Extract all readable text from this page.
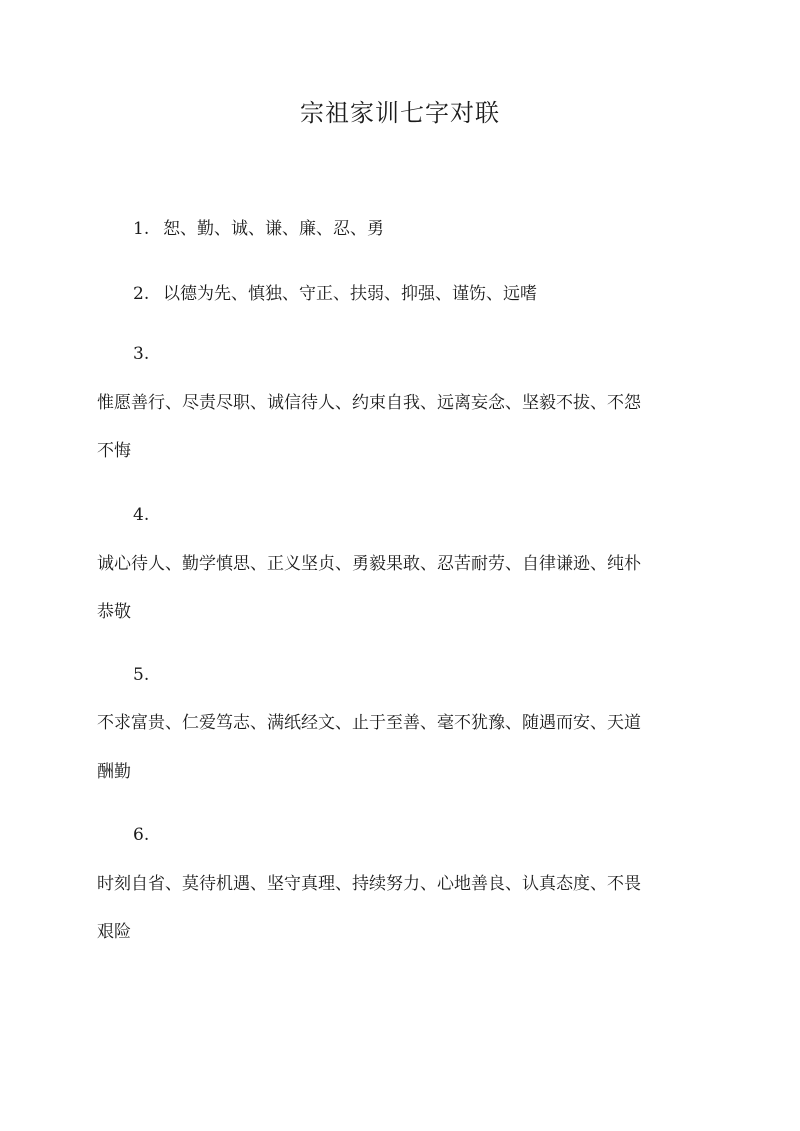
宗祖家训七字对联
1. 恕、勤、诚、谦、廉、忍、勇
2. 以德为先、慎独、守正、扶弱、抑强、谨饬、远嗜
3.
惟愿善行、尽责尽职、诚信待人、约束自我、远离妄念、坚毅不拔、不怨
不悔
4.
诚心待人、勤学慎思、正义坚贞、勇毅果敢、忍苦耐劳、自律谦逊、纯朴
恭敬
5.
不求富贵、仁爱笃志、满纸经文、止于至善、毫不犹豫、随遇而安、天道
酬勤
6.
时刻自省、莫待机遇、坚守真理、持续努力、心地善良、认真态度、不畏
艰险
